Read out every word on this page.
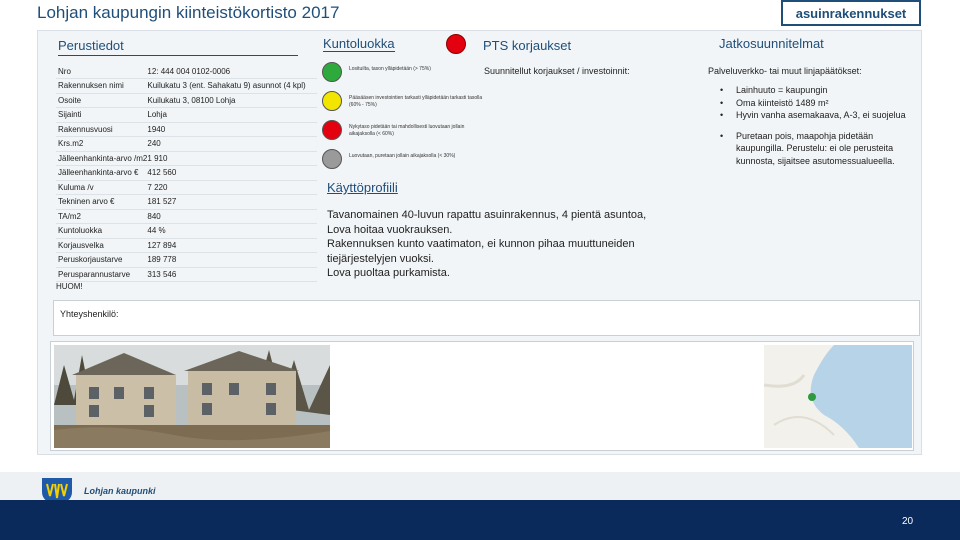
Lohjan kaupungin kiinteistökortisto 2017	asuinrakennukset
Perustiedot	Kuntoluokka	PTS korjaukset	Jatkosuunnitelmat
Nro	12: 444 004 0102-0006
Rakennuksen nimi	Kuilukatu 3 (ent. Sahakatu 9) asunnot (4 kpl)
Osoite	Kuilukatu 3, 08100 Lohja
Sijainti	Lohja
Rakennusvuosi	1940
Krs.m2	240
Jälleenhankinta-arvo /m2	1 910
Jälleenhankinta-arvo €	412 560
Kuluma /v	7 220
Tekninen arvo €	181 527
TA/m2	840
Kuntoluokka	44 %
Korjausvelka	127 894
Peruskorjaustarve	189 778
Perusparannustarve	313 546
HUOM!
Losituilta, tason ylläpidetään (> 75%)
Pääsääsen investointien tarkasti ylläpidetään tarkasti tasolla (60% - 75%)
Nykytaso pidetään tai mahdollisesti luovutaan jollain aikajaksolla (< 60%)
Luovutaan, puretaan jollain aikajaksolla (< 30%)
Suunnitellut korjaukset / investoinnit:	Palveluverkko- tai muut linjapäätökset:
• Lainhuuto = kaupungin
• Oma kiinteistö 1489 m²
• Hyvin vanha asemakaava, A-3, ei suojelua
• Puretaan pois, maapohja pidetään kaupungilla. Perustelu: ei ole perusteita kunnosta, sijaitsee asutomessualueella.
Käyttöprofiili
Tavanomainen 40-luvun rapattu asuinrakennus, 4 pientä asuntoa,
Lova hoitaa vuokrauksen.
Rakennuksen kunto vaatimaton, ei kunnon pihaa muuttuneiden
tiejärjestelyjen vuoksi.
Lova puoltaa purkamista.
Yhteyshenkilö:
Lohjan kaupunki
20
